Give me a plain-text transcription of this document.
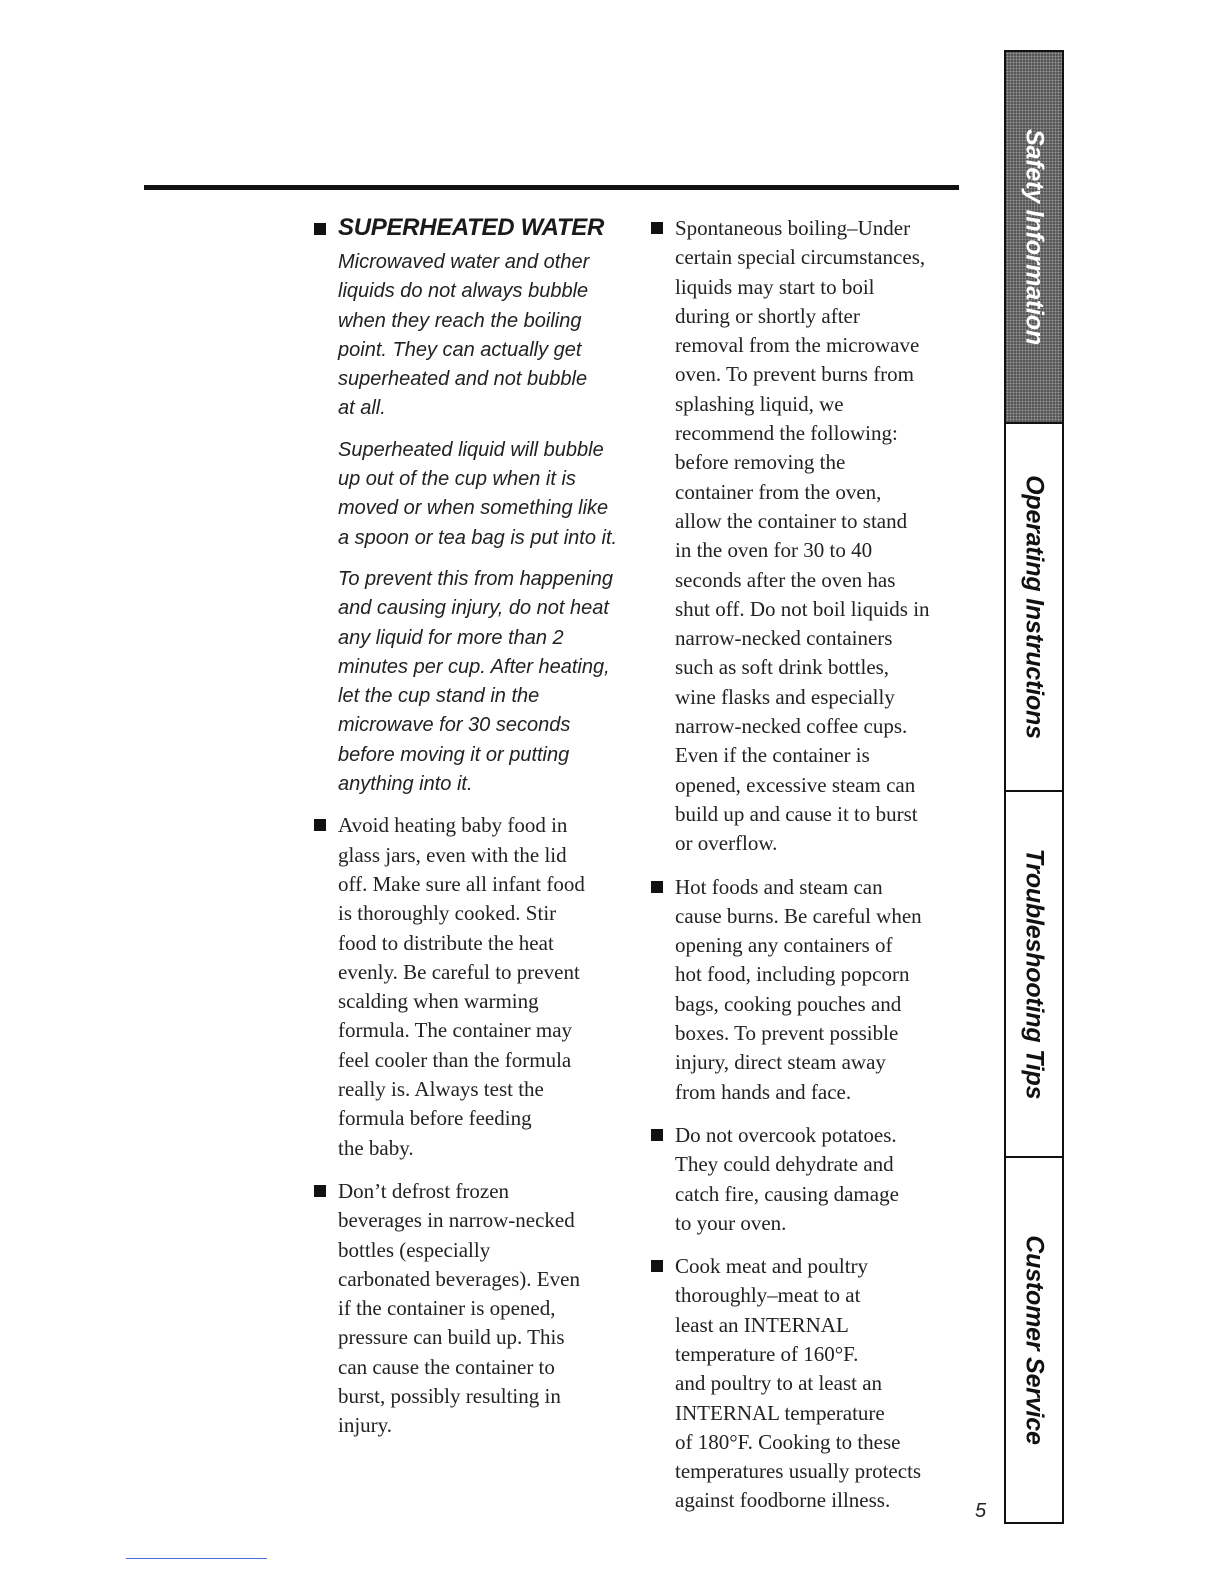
SUPERHEATED WATER
Microwaved water and other
liquids do not always bubble
when they reach the boiling
point. They can actually get
superheated and not bubble
at all.
Superheated liquid will bubble
up out of the cup when it is
moved or when something like
a spoon or tea bag is put into it.
To prevent this from happening
and causing injury, do not heat
any liquid for more than 2
minutes per cup. After heating,
let the cup stand in the
microwave for 30 seconds
before moving it or putting
anything into it.
Avoid heating baby food in
glass jars, even with the lid
off. Make sure all infant food
is thoroughly cooked. Stir
food to distribute the heat
evenly. Be careful to prevent
scalding when warming
formula. The container may
feel cooler than the formula
really is. Always test the
formula before feeding
the baby.
Don’t defrost frozen
beverages in narrow-necked
bottles (especially
carbonated beverages). Even
if the container is opened,
pressure can build up. This
can cause the container to
burst, possibly resulting in
injury.
Spontaneous boiling–Under
certain special circumstances,
liquids may start to boil
during or shortly after
removal from the microwave
oven. To prevent burns from
splashing liquid, we
recommend the following:
before removing the
container from the oven,
allow the container to stand
in the oven for 30 to 40
seconds after the oven has
shut off. Do not boil liquids in
narrow-necked containers
such as soft drink bottles,
wine flasks and especially
narrow-necked coffee cups.
Even if the container is
opened, excessive steam can
build up and cause it to burst
or overflow.
Hot foods and steam can
cause burns. Be careful when
opening any containers of
hot food, including popcorn
bags, cooking pouches and
boxes. To prevent possible
injury, direct steam away
from hands and face.
Do not overcook potatoes.
They could dehydrate and
catch fire, causing damage
to your oven.
Cook meat and poultry
thoroughly–meat to at
least an INTERNAL
temperature of 160°F.
and poultry to at least an
INTERNAL temperature
of 180°F. Cooking to these
temperatures usually protects
against foodborne illness.
Safety Information
Operating Instructions
Troubleshooting Tips
Customer Service
5
